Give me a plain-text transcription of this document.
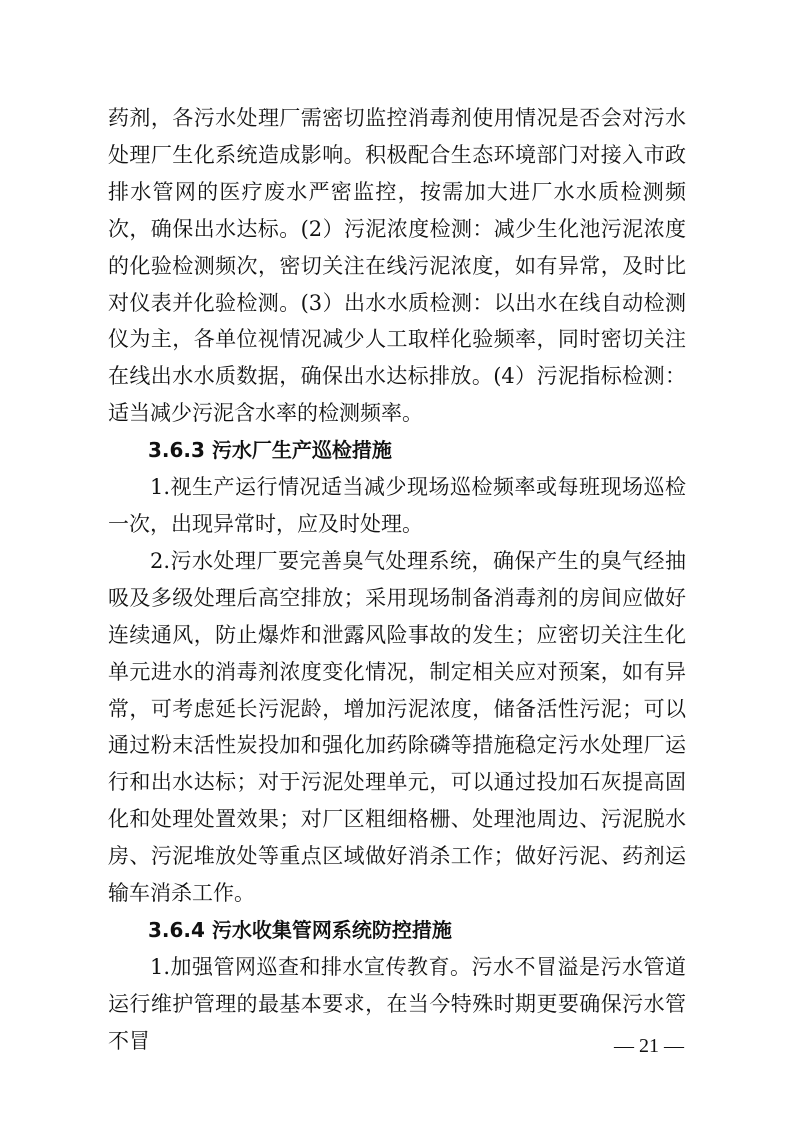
药剂，各污水处理厂需密切监控消毒剂使用情况是否会对污水处理厂生化系统造成影响。积极配合生态环境部门对接入市政排水管网的医疗废水严密监控，按需加大进厂水水质检测频次，确保出水达标。(2）污泥浓度检测：减少生化池污泥浓度的化验检测频次，密切关注在线污泥浓度，如有异常，及时比对仪表并化验检测。(3）出水水质检测：以出水在线自动检测仪为主，各单位视情况减少人工取样化验频率，同时密切关注在线出水水质数据，确保出水达标排放。(4）污泥指标检测：适当减少污泥含水率的检测频率。

3.6.3 污水厂生产巡检措施

1.视生产运行情况适当减少现场巡检频率或每班现场巡检一次，出现异常时，应及时处理。

2.污水处理厂要完善臭气处理系统，确保产生的臭气经抽吸及多级处理后高空排放；采用现场制备消毒剂的房间应做好连续通风，防止爆炸和泄露风险事故的发生；应密切关注生化单元进水的消毒剂浓度变化情况，制定相关应对预案，如有异常，可考虑延长污泥龄，增加污泥浓度，储备活性污泥；可以通过粉末活性炭投加和强化加药除磷等措施稳定污水处理厂运行和出水达标；对于污泥处理单元，可以通过投加石灰提高固化和处理处置效果；对厂区粗细格栅、处理池周边、污泥脱水房、污泥堆放处等重点区域做好消杀工作；做好污泥、药剂运输车消杀工作。

3.6.4 污水收集管网系统防控措施

1.加强管网巡查和排水宣传教育。污水不冒溢是污水管道运行维护管理的最基本要求，在当今特殊时期更要确保污水管不冒	— 21 —
